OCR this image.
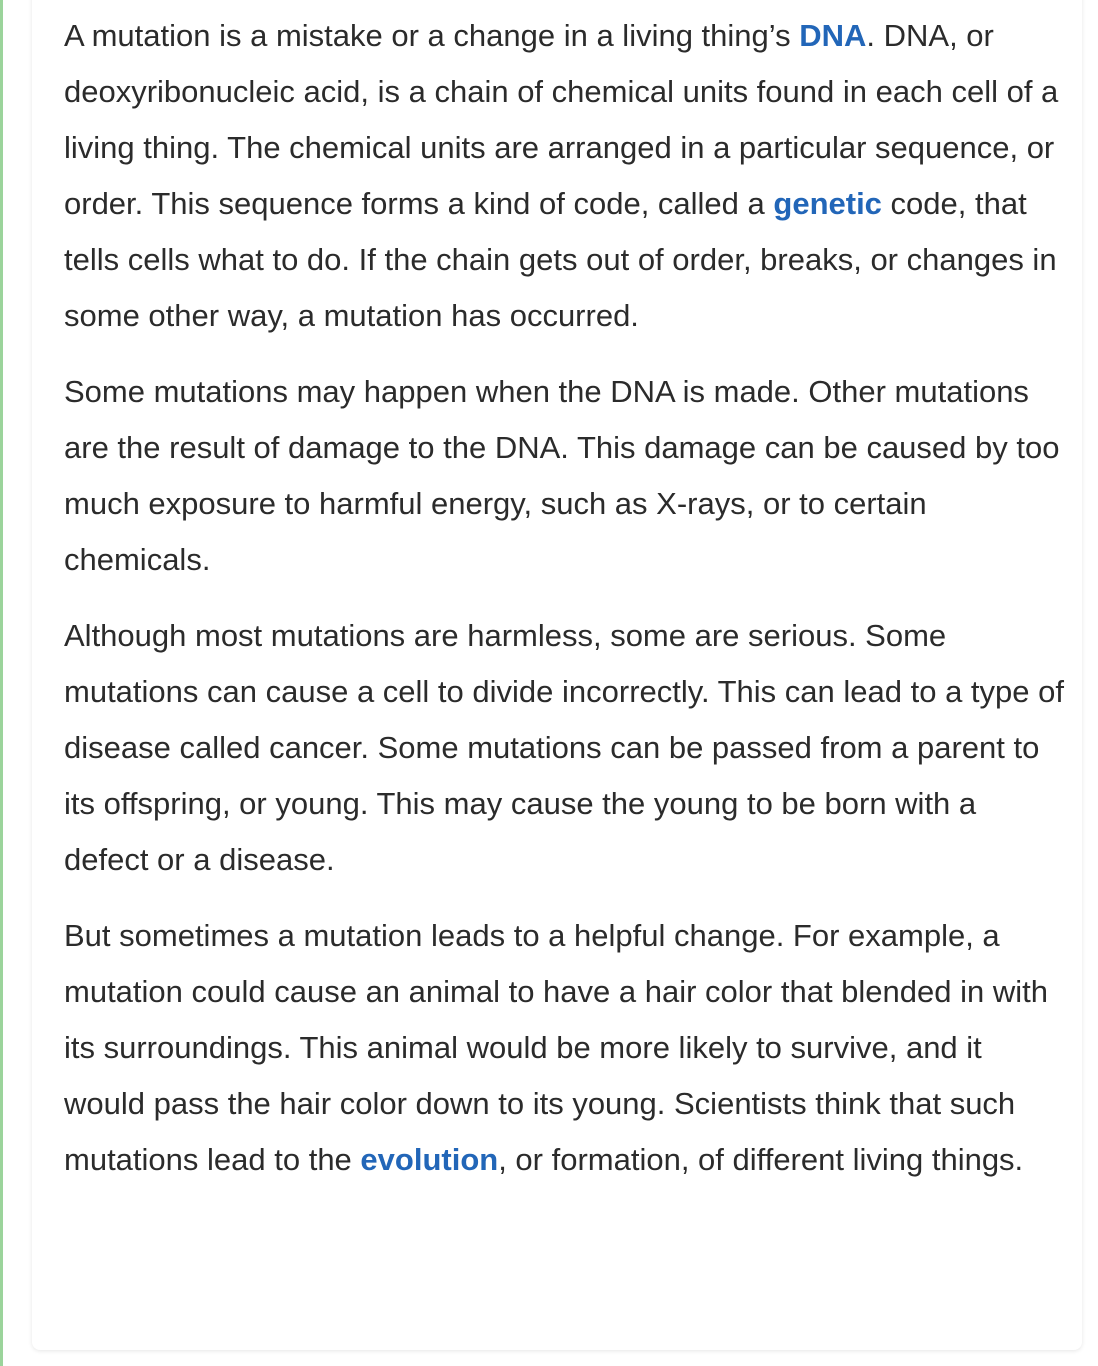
A mutation is a mistake or a change in a living thing’s DNA. DNA, or deoxyribonucleic acid, is a chain of chemical units found in each cell of a living thing. The chemical units are arranged in a particular sequence, or order. This sequence forms a kind of code, called a genetic code, that tells cells what to do. If the chain gets out of order, breaks, or changes in some other way, a mutation has occurred.

Some mutations may happen when the DNA is made. Other mutations are the result of damage to the DNA. This damage can be caused by too much exposure to harmful energy, such as X-rays, or to certain chemicals.

Although most mutations are harmless, some are serious. Some mutations can cause a cell to divide incorrectly. This can lead to a type of disease called cancer. Some mutations can be passed from a parent to its offspring, or young. This may cause the young to be born with a defect or a disease.

But sometimes a mutation leads to a helpful change. For example, a mutation could cause an animal to have a hair color that blended in with its surroundings. This animal would be more likely to survive, and it would pass the hair color down to its young. Scientists think that such mutations lead to the evolution, or formation, of different living things.
